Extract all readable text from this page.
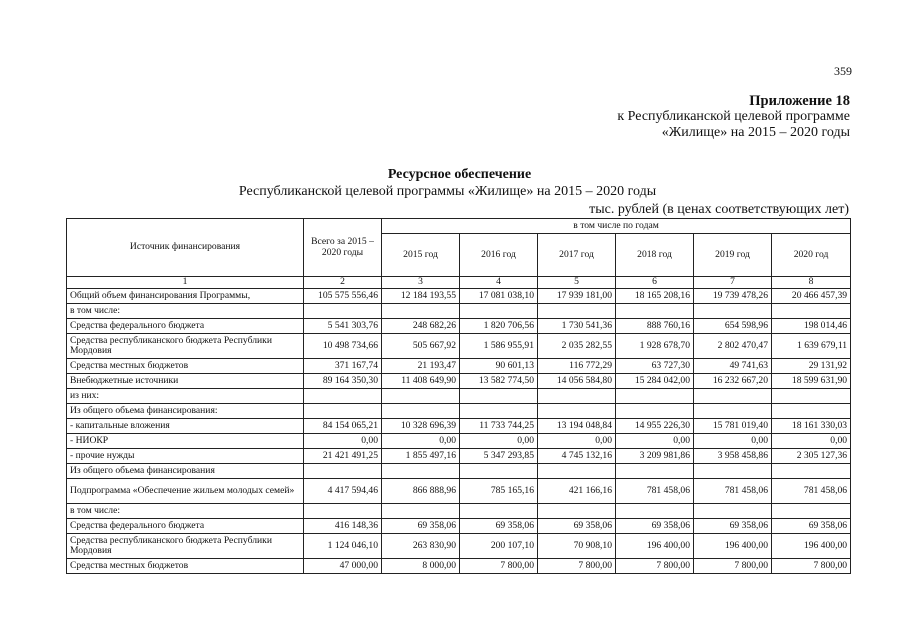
359
Приложение 18
к Республиканской целевой программе
«Жилище» на 2015 – 2020 годы
Ресурсное обеспечение
Республиканской целевой программы «Жилище» на 2015 – 2020 годы
тыс. рублей (в ценах соответствующих лет)
Источник финансирования	Всего за 2015 – 2020 годы	в том числе по годам					
		2015 год	2016 год	2017 год	2018 год	2019 год	2020 год
1	2	3	4	5	6	7	8
Общий объем финансирования Программы,	105 575 556,46	12 184 193,55	17 081 038,10	17 939 181,00	18 165 208,16	19 739 478,26	20 466 457,39
в том числе:							
Средства федерального бюджета	5 541 303,76	248 682,26	1 820 706,56	1 730 541,36	888 760,16	654 598,96	198 014,46
Средства республиканского бюджета Республики Мордовия	10 498 734,66	505 667,92	1 586 955,91	2 035 282,55	1 928 678,70	2 802 470,47	1 639 679,11
Средства местных бюджетов	371 167,74	21 193,47	90 601,13	116 772,29	63 727,30	49 741,63	29 131,92
Внебюджетные источники	89 164 350,30	11 408 649,90	13 582 774,50	14 056 584,80	15 284 042,00	16 232 667,20	18 599 631,90
из них:							
Из общего объема финансирования:							
- капитальные вложения	84 154 065,21	10 328 696,39	11 733 744,25	13 194 048,84	14 955 226,30	15 781 019,40	18 161 330,03
- НИОКР	0,00	0,00	0,00	0,00	0,00	0,00	0,00
- прочие нужды	21 421 491,25	1 855 497,16	5 347 293,85	4 745 132,16	3 209 981,86	3 958 458,86	2 305 127,36
Из общего объема финансирования							
Подпрограмма «Обеспечение жильем молодых семей»	4 417 594,46	866 888,96	785 165,16	421 166,16	781 458,06	781 458,06	781 458,06
в том числе:							
Средства федерального бюджета	416 148,36	69 358,06	69 358,06	69 358,06	69 358,06	69 358,06	69 358,06
Средства республиканского бюджета Республики Мордовия	1 124 046,10	263 830,90	200 107,10	70 908,10	196 400,00	196 400,00	196 400,00
Средства местных бюджетов	47 000,00	8 000,00	7 800,00	7 800,00	7 800,00	7 800,00	7 800,00
